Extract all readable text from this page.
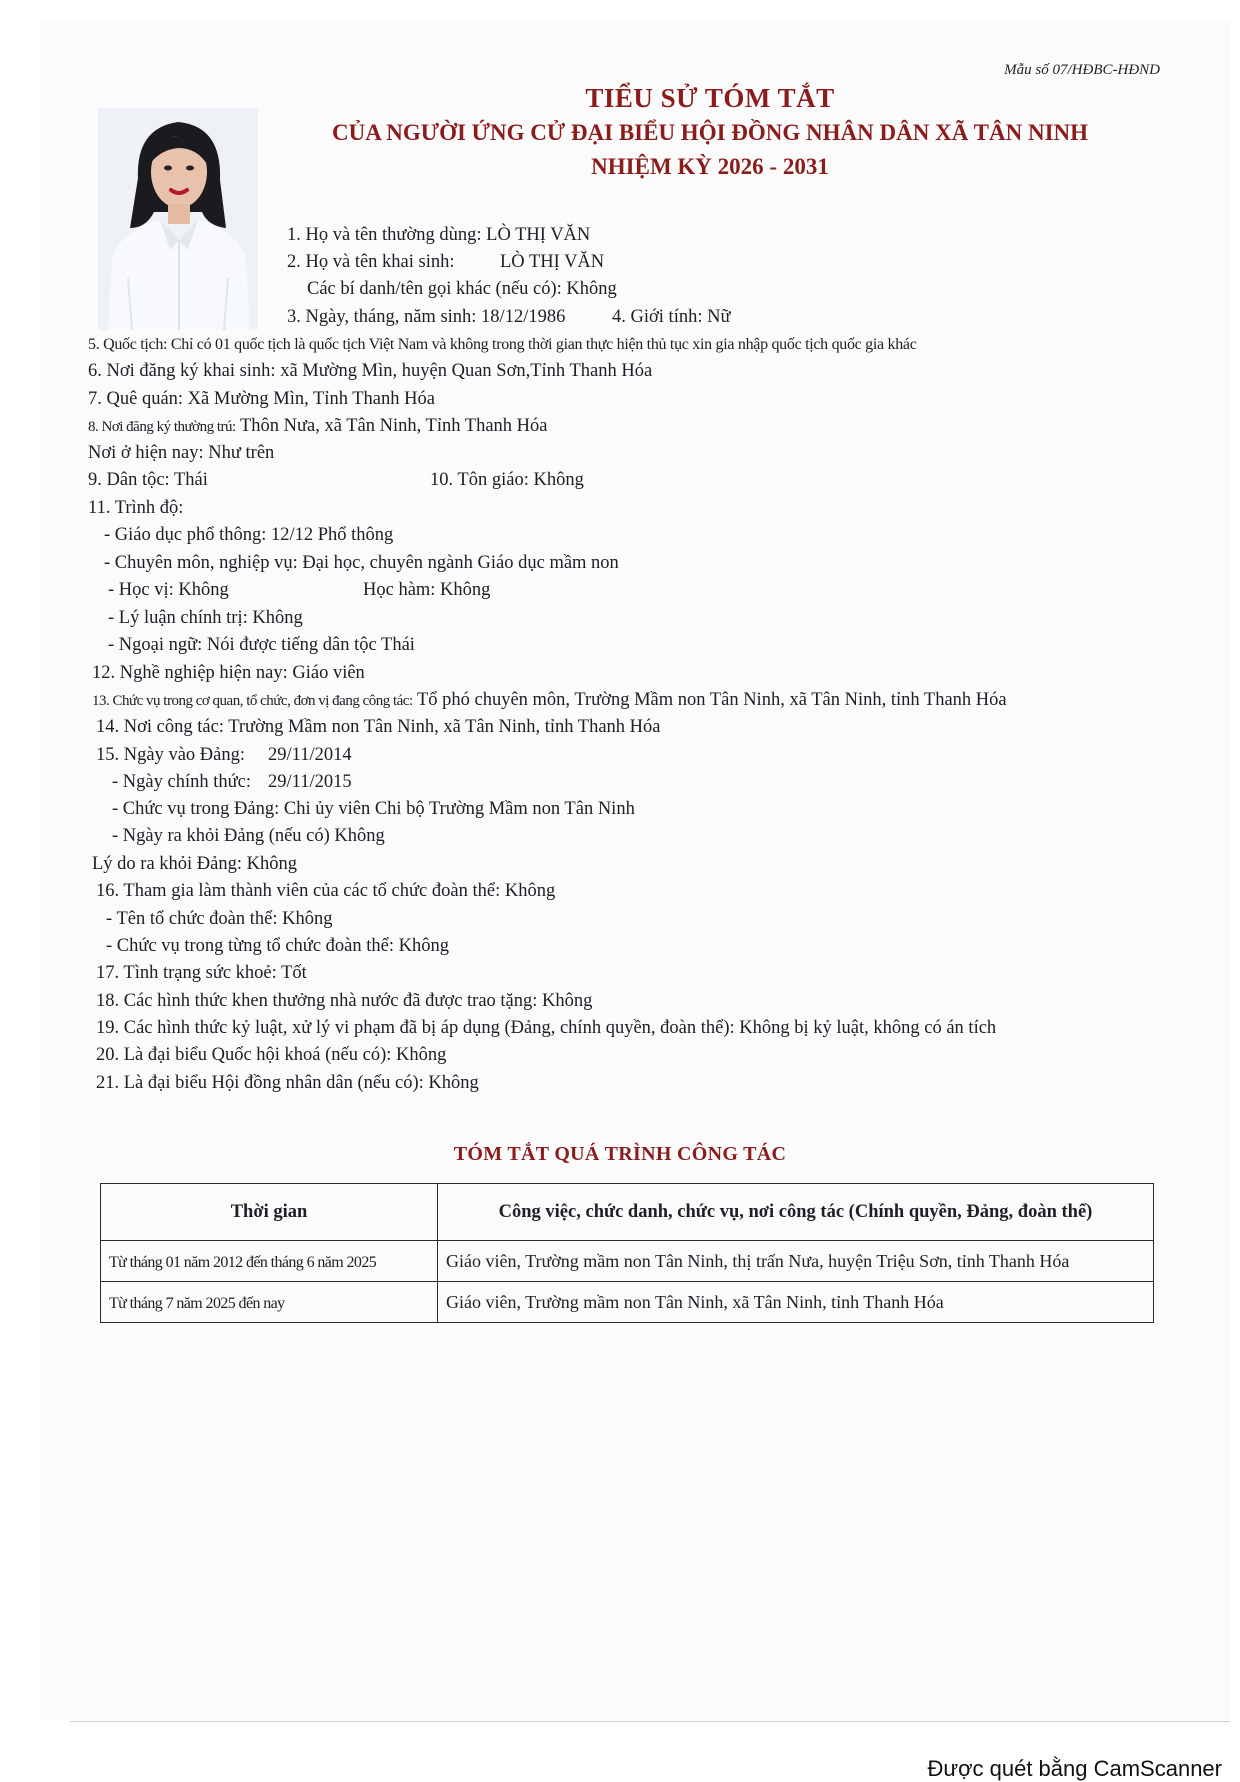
Mẫu số 07/HĐBC-HĐND
TIỂU SỬ TÓM TẮT
CỦA NGƯỜI ỨNG CỬ ĐẠI BIỂU HỘI ĐỒNG NHÂN DÂN XÃ TÂN NINH
NHIỆM KỲ 2026 - 2031
1. Họ và tên thường dùng: LÒ THỊ VĂN
2. Họ và tên khai sinh: LÒ THỊ VĂN
Các bí danh/tên gọi khác (nếu có): Không
3. Ngày, tháng, năm sinh: 18/12/1986	4. Giới tính: Nữ
5. Quốc tịch: Chỉ có 01 quốc tịch là quốc tịch Việt Nam và không trong thời gian thực hiện thủ tục xin gia nhập quốc tịch quốc gia khác
6. Nơi đăng ký khai sinh: xã Mường Mìn, huyện Quan Sơn,Tỉnh Thanh Hóa
7. Quê quán: Xã Mường Mìn, Tỉnh Thanh Hóa
8. Nơi đăng ký thường trú: Thôn Nưa, xã Tân Ninh, Tỉnh Thanh Hóa
Nơi ở hiện nay: Như trên
9. Dân tộc: Thái	10. Tôn giáo: Không
11. Trình độ:
- Giáo dục phổ thông: 12/12 Phổ thông
- Chuyên môn, nghiệp vụ: Đại học, chuyên ngành Giáo dục mầm non
- Học vị: Không	Học hàm: Không
- Lý luận chính trị: Không
- Ngoại ngữ: Nói được tiếng dân tộc Thái
12. Nghề nghiệp hiện nay: Giáo viên
13. Chức vụ trong cơ quan, tổ chức, đơn vị đang công tác: Tổ phó chuyên môn, Trường Mầm non Tân Ninh, xã Tân Ninh, tỉnh Thanh Hóa
14. Nơi công tác: Trường Mầm non Tân Ninh, xã Tân Ninh, tỉnh Thanh Hóa
15. Ngày vào Đảng: 29/11/2014
- Ngày chính thức: 29/11/2015
- Chức vụ trong Đảng: Chi ủy viên Chi bộ Trường Mầm non Tân Ninh
- Ngày ra khỏi Đảng (nếu có) Không
Lý do ra khỏi Đảng: Không
16. Tham gia làm thành viên của các tổ chức đoàn thể: Không
- Tên tổ chức đoàn thể: Không
- Chức vụ trong từng tổ chức đoàn thể: Không
17. Tình trạng sức khoẻ: Tốt
18. Các hình thức khen thưởng nhà nước đã được trao tặng: Không
19. Các hình thức kỷ luật, xử lý vi phạm đã bị áp dụng (Đảng, chính quyền, đoàn thể): Không bị kỷ luật, không có án tích
20. Là đại biểu Quốc hội khoá (nếu có): Không
21. Là đại biểu Hội đồng nhân dân (nếu có): Không
TÓM TẮT QUÁ TRÌNH CÔNG TÁC
Thời gian	Công việc, chức danh, chức vụ, nơi công tác (Chính quyền, Đảng, đoàn thể)
Từ tháng 01 năm 2012 đến tháng 6 năm 2025	Giáo viên, Trường mầm non Tân Ninh, thị trấn Nưa, huyện Triệu Sơn, tỉnh Thanh Hóa
Từ tháng 7 năm 2025 đến nay	Giáo viên, Trường mầm non Tân Ninh, xã Tân Ninh, tỉnh Thanh Hóa
Được quét bằng CamScanner
